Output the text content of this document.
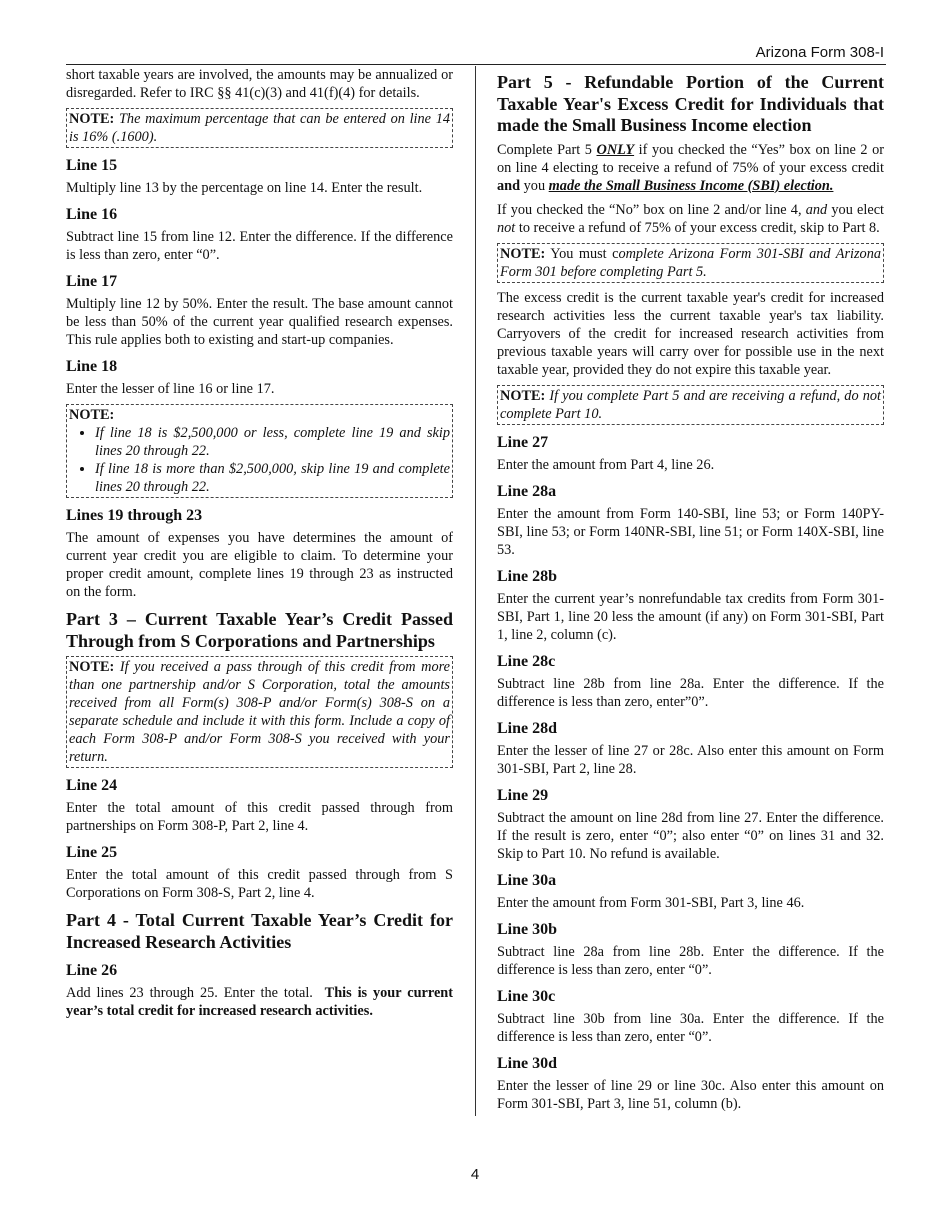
Arizona Form 308-I

short taxable years are involved, the amounts may be annualized or disregarded. Refer to IRC §§ 41(c)(3) and 41(f)(4) for details.

NOTE: The maximum percentage that can be entered on line 14 is 16% (.1600).
Line 15

Multiply line 13 by the percentage on line 14. Enter the result.

Line 16

Subtract line 15 from line 12. Enter the difference. If the difference is less than zero, enter “0”.

Line 17

Multiply line 12 by 50%. Enter the result. The base amount cannot be less than 50% of the current year qualified research expenses. This rule applies both to existing and start-up companies.

Line 18

Enter the lesser of line 16 or line 17.

NOTE:
• If line 18 is $2,500,000 or less, complete line 19 and skip lines 20 through 22.
• If line 18 is more than $2,500,000, skip line 19 and complete lines 20 through 22.
Lines 19 through 23

The amount of expenses you have determines the amount of current year credit you are eligible to claim. To determine your proper credit amount, complete lines 19 through 23 as instructed on the form.

Part 3 – Current Taxable Year’s Credit Passed Through from S Corporations and Partnerships
NOTE: If you received a pass through of this credit from more than one partnership and/or S Corporation, total the amounts received from all Form(s) 308-P and/or Form(s) 308-S on a separate schedule and include it with this form. Include a copy of each Form 308-P and/or Form 308-S you received with your return.
Line 24

Enter the total amount of this credit passed through from partnerships on Form 308-P, Part 2, line 4.

Line 25

Enter the total amount of this credit passed through from S Corporations on Form 308-S, Part 2, line 4.

Part 4 - Total Current Taxable Year’s Credit for Increased Research Activities
Line 26

Add lines 23 through 25. Enter the total. This is your current year’s total credit for increased research activities.

Part 5 - Refundable Portion of the Current Taxable Year's Excess Credit for Individuals that made the Small Business Income election

Complete Part 5 ONLY if you checked the “Yes” box on line 2 or on line 4 electing to receive a refund of 75% of your excess credit and you made the Small Business Income (SBI) election.

If you checked the “No” box on line 2 and/or line 4, and you elect not to receive a refund of 75% of your excess credit, skip to Part 8.

NOTE: You must complete Arizona Form 301-SBI and Arizona Form 301 before completing Part 5.

The excess credit is the current taxable year's credit for increased research activities less the current taxable year's tax liability. Carryovers of the credit for increased research activities from previous taxable years will carry over for possible use in the next taxable year, provided they do not expire this taxable year.

NOTE: If you complete Part 5 and are receiving a refund, do not complete Part 10.
Line 27

Enter the amount from Part 4, line 26.

Line 28a

Enter the amount from Form 140-SBI, line 53; or Form 140PY-SBI, line 53; or Form 140NR-SBI, line 51; or Form 140X-SBI, line 53.

Line 28b

Enter the current year’s nonrefundable tax credits from Form 301-SBI, Part 1, line 20 less the amount (if any) on Form 301-SBI, Part 1, line 2, column (c).

Line 28c

Subtract line 28b from line 28a. Enter the difference. If the difference is less than zero, enter”0”.

Line 28d

Enter the lesser of line 27 or 28c. Also enter this amount on Form 301-SBI, Part 2, line 28.

Line 29

Subtract the amount on line 28d from line 27. Enter the difference. If the result is zero, enter “0”; also enter “0” on lines 31 and 32. Skip to Part 10. No refund is available.

Line 30a

Enter the amount from Form 301-SBI, Part 3, line 46.

Line 30b

Subtract line 28a from line 28b. Enter the difference. If the difference is less than zero, enter “0”.

Line 30c

Subtract line 30b from line 30a. Enter the difference. If the difference is less than zero, enter “0”.

Line 30d

Enter the lesser of line 29 or line 30c. Also enter this amount on Form 301-SBI, Part 3, line 51, column (b).

4
